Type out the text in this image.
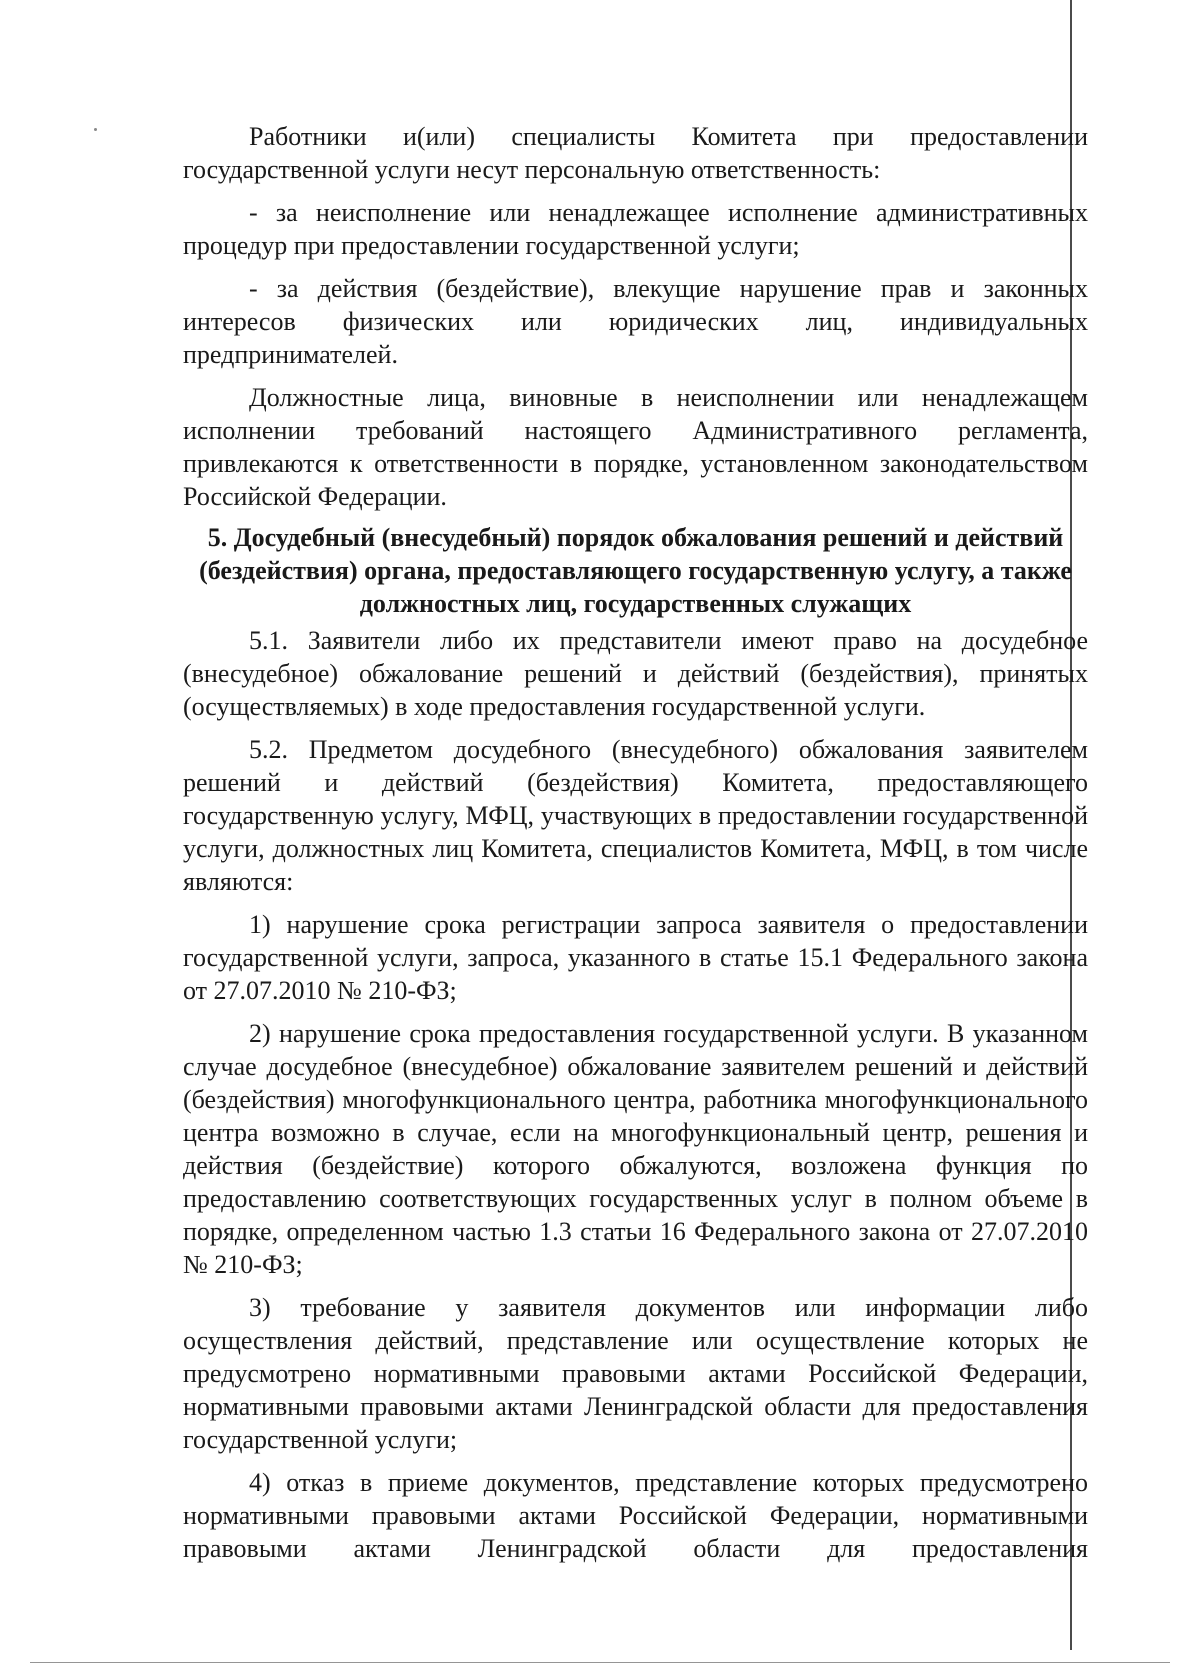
Работники и(или) специалисты Комитета при предоставлении государственной услуги несут персональную ответственность:

- за неисполнение или ненадлежащее исполнение административных процедур при предоставлении государственной услуги;

- за действия (бездействие), влекущие нарушение прав и законных интересов физических или юридических лиц, индивидуальных предпринимателей.

Должностные лица, виновные в неисполнении или ненадлежащем исполнении требований настоящего Административного регламента, привлекаются к ответственности в порядке, установленном законодательством Российской Федерации.

5. Досудебный (внесудебный) порядок обжалования решений и действий (бездействия) органа, предоставляющего государственную услугу, а также должностных лиц, государственных служащих

5.1. Заявители либо их представители имеют право на досудебное (внесудебное) обжалование решений и действий (бездействия), принятых (осуществляемых) в ходе предоставления государственной услуги.

5.2. Предметом досудебного (внесудебного) обжалования заявителем решений и действий (бездействия) Комитета, предоставляющего государственную услугу, МФЦ, участвующих в предоставлении государственной услуги, должностных лиц Комитета, специалистов Комитета, МФЦ, в том числе являются:

1) нарушение срока регистрации запроса заявителя о предоставлении государственной услуги, запроса, указанного в статье 15.1 Федерального закона от 27.07.2010 № 210-ФЗ;

2) нарушение срока предоставления государственной услуги. В указанном случае досудебное (внесудебное) обжалование заявителем решений и действий (бездействия) многофункционального центра, работника многофункционального центра возможно в случае, если на многофункциональный центр, решения и действия (бездействие) которого обжалуются, возложена функция по предоставлению соответствующих государственных услуг в полном объеме в порядке, определенном частью 1.3 статьи 16 Федерального закона от 27.07.2010 № 210-ФЗ;

3) требование у заявителя документов или информации либо осуществления действий, представление или осуществление которых не предусмотрено нормативными правовыми актами Российской Федерации, нормативными правовыми актами Ленинградской области для предоставления государственной услуги;

4) отказ в приеме документов, представление которых предусмотрено нормативными правовыми актами Российской Федерации, нормативными правовыми актами Ленинградской области для предоставления
